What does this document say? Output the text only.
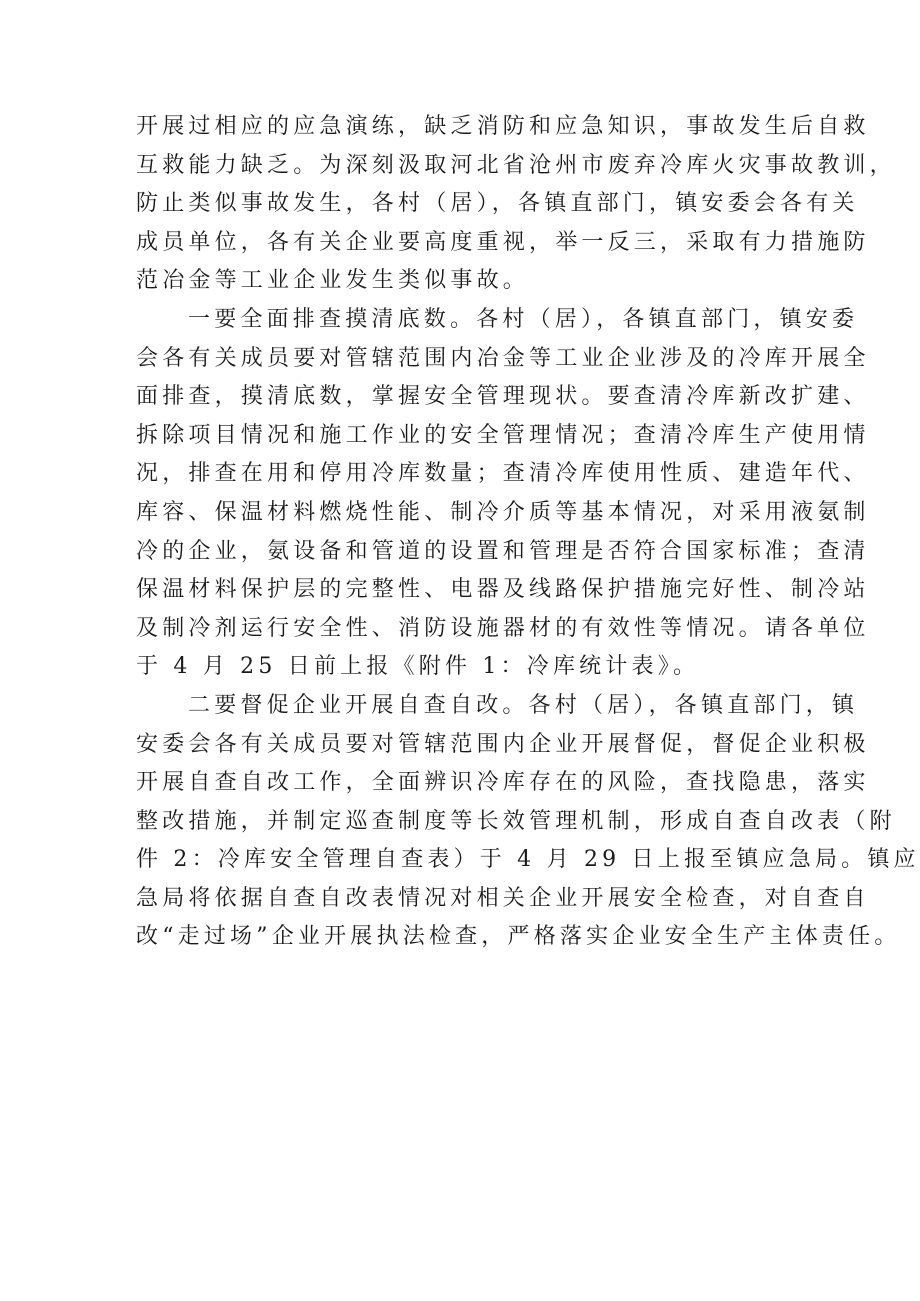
开展过相应的应急演练，缺乏消防和应急知识，事故发生后自救
互救能力缺乏。为深刻汲取河北省沧州市废弃冷库火灾事故教训，
防止类似事故发生，各村（居），各镇直部门，镇安委会各有关
成员单位，各有关企业要高度重视，举一反三，采取有力措施防
范冶金等工业企业发生类似事故。
一要全面排查摸清底数。各村（居），各镇直部门，镇安委
会各有关成员要对管辖范围内冶金等工业企业涉及的冷库开展全
面排查，摸清底数，掌握安全管理现状。要查清冷库新改扩建、
拆除项目情况和施工作业的安全管理情况；查清冷库生产使用情
况，排查在用和停用冷库数量；查清冷库使用性质、建造年代、
库容、保温材料燃烧性能、制冷介质等基本情况，对采用液氨制
冷的企业，氨设备和管道的设置和管理是否符合国家标准；查清
保温材料保护层的完整性、电器及线路保护措施完好性、制冷站
及制冷剂运行安全性、消防设施器材的有效性等情况。请各单位
于 4 月 25 日前上报《附件 1：冷库统计表》。
二要督促企业开展自查自改。各村（居），各镇直部门，镇
安委会各有关成员要对管辖范围内企业开展督促，督促企业积极
开展自查自改工作，全面辨识冷库存在的风险，查找隐患，落实
整改措施，并制定巡查制度等长效管理机制，形成自查自改表（附
件 2：冷库安全管理自查表）于 4 月 29 日上报至镇应急局。镇应
急局将依据自查自改表情况对相关企业开展安全检查，对自查自
改“走过场”企业开展执法检查，严格落实企业安全生产主体责任。
